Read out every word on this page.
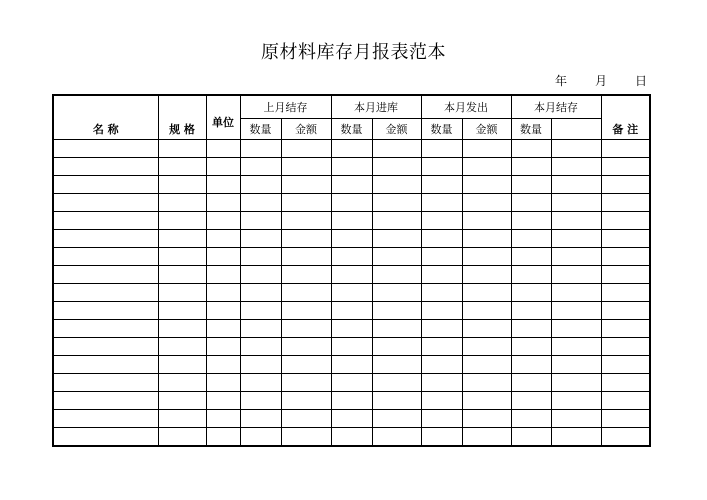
原材料库存月报表范本
年 月 日
名 称	规 格	单位	上月结存		本月进库		本月发出		本月结存		备 注

			数量	金额	数量	金额	数量	金额	数量		
